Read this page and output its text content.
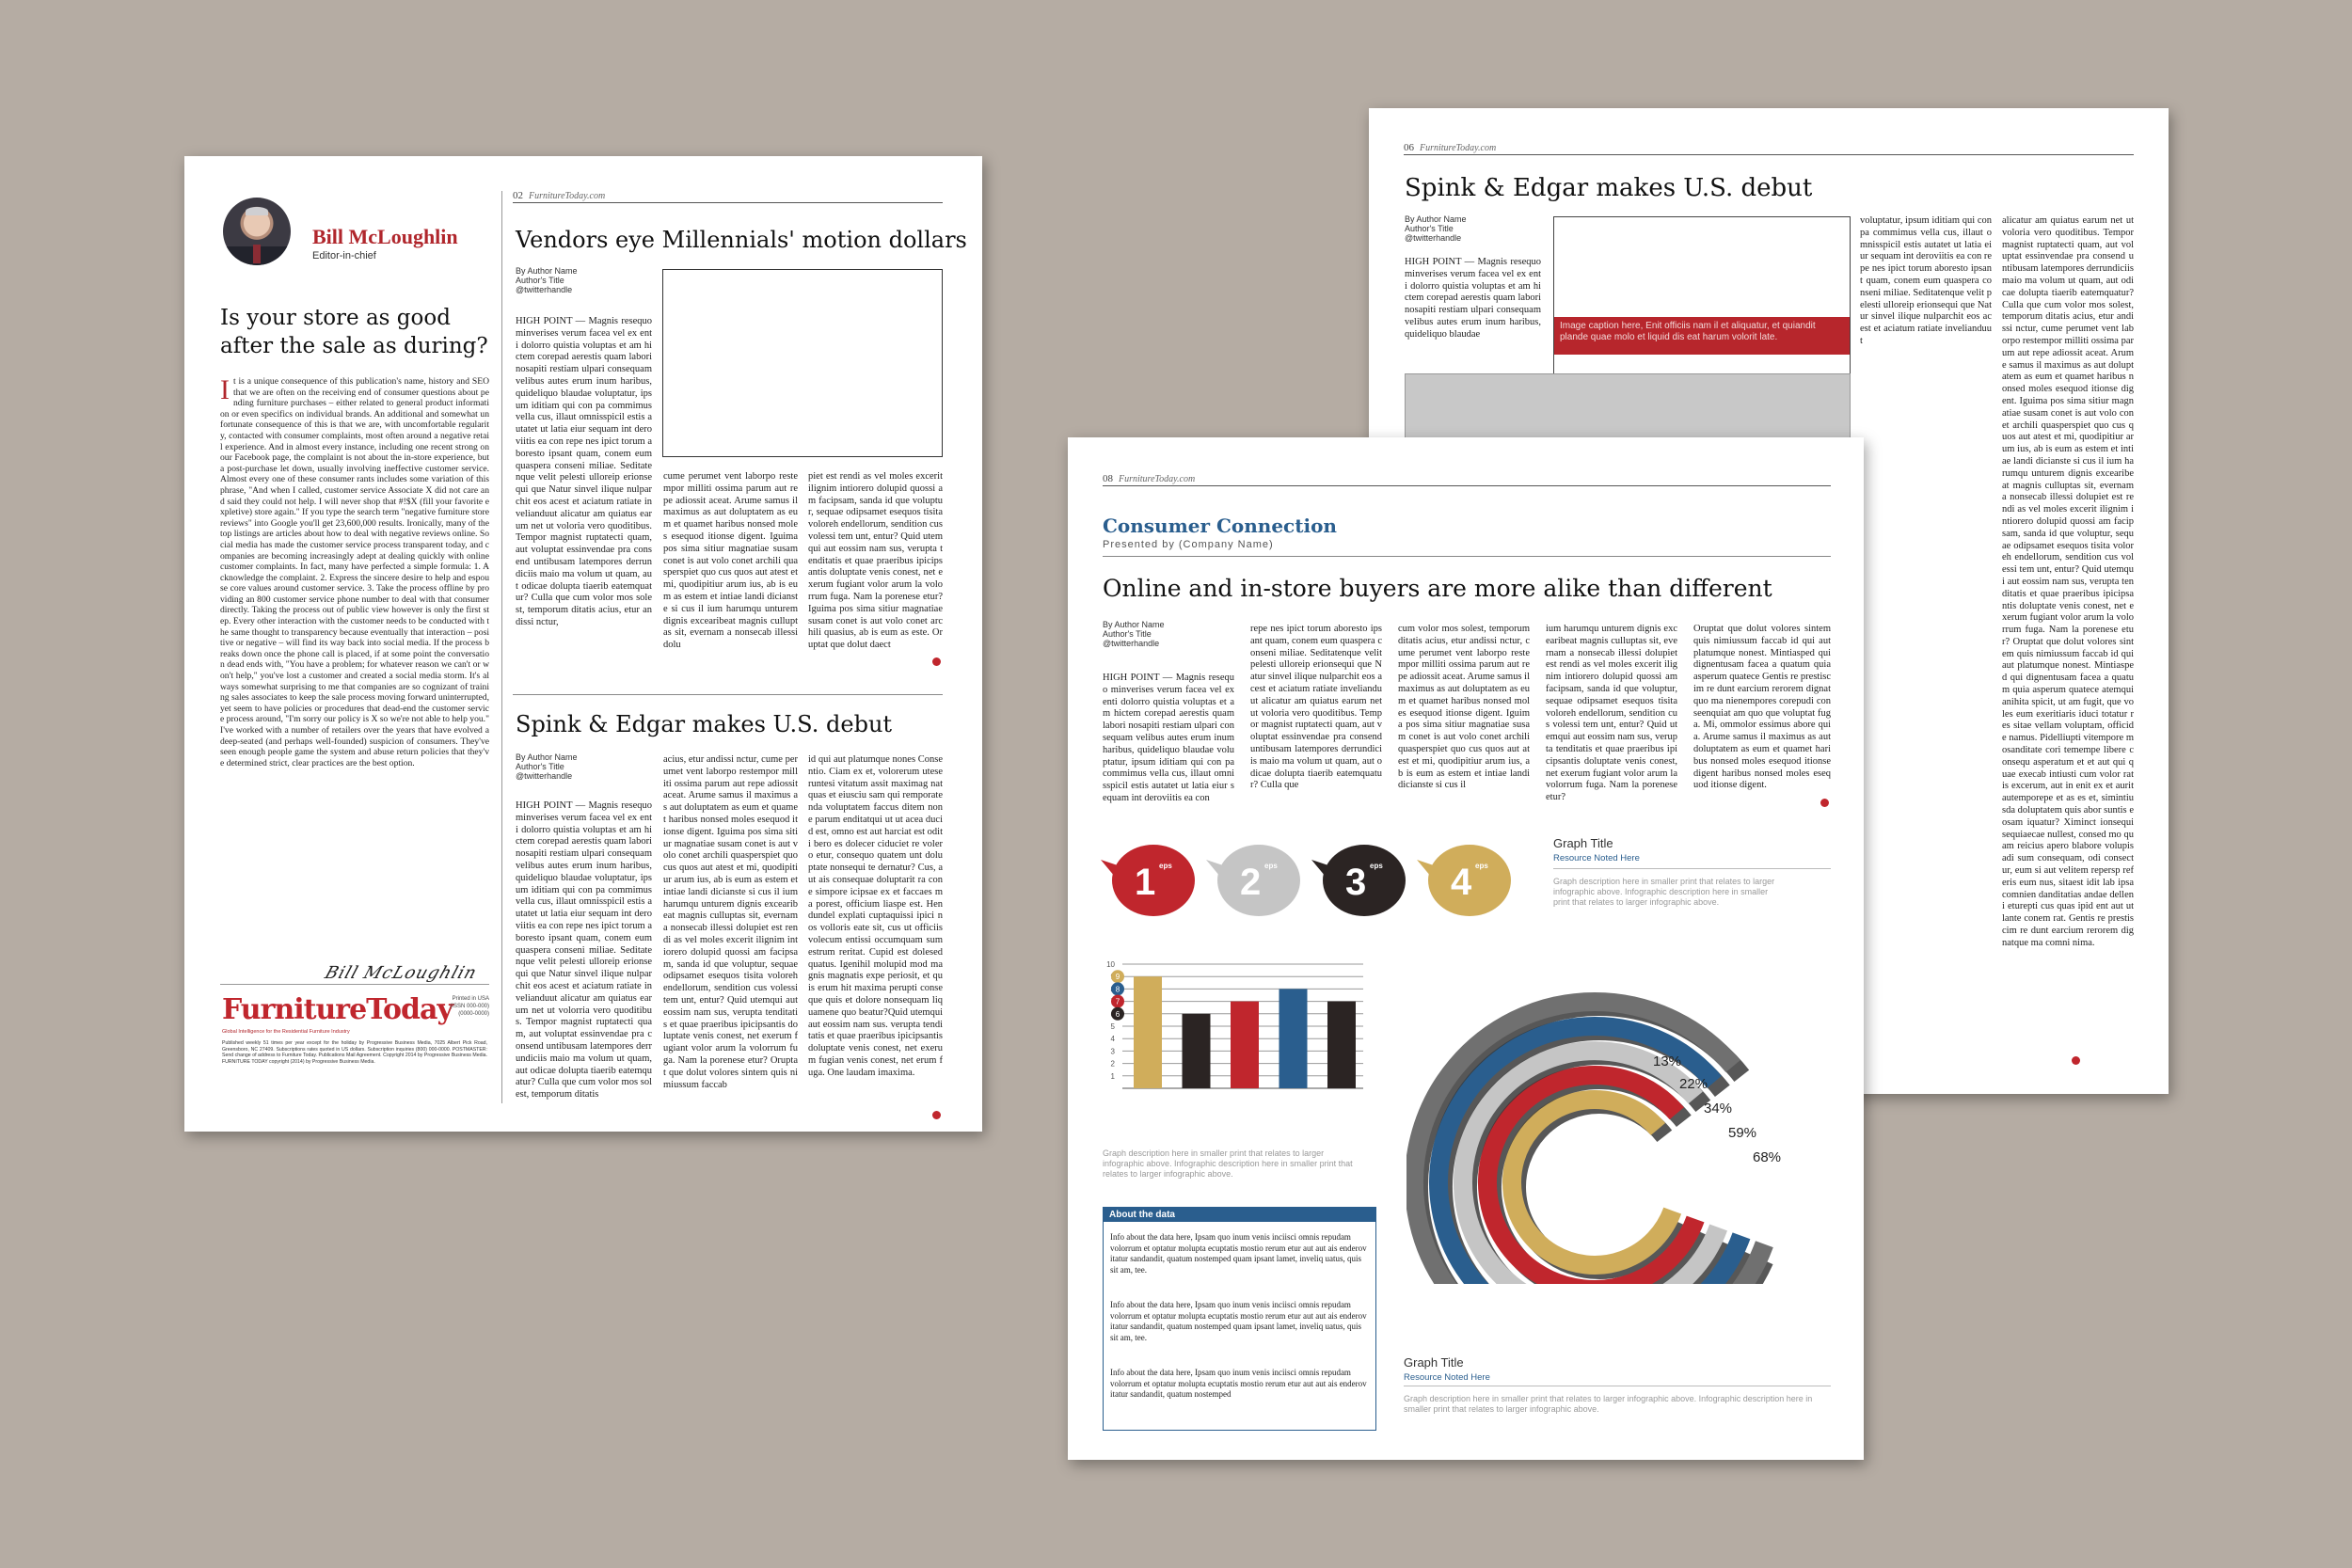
Bill McLoughlin
Editor-in-chief
Is your store as good after the sale as during?
I t is a unique consequence of this publication's name, history and SEO that we are often on the receiving end of consumer questions about pending furniture purchases – either related to general product information or even specifics on individual brands. An additional and somewhat unfortunate consequence of this is that we are, with uncomfortable regularity, contacted with consumer complaints, most often around a negative retail experience. And in almost every instance, including one recent strong on our Facebook page, the complaint is not about the in-store experience, but a post-purchase let down, usually involving ineffective customer service. Almost every one of these consumer rants includes some variation of this phrase, "And when I called, customer service Associate X did not care and said they could not help. I will never shop that #!$X (fill your favorite expletive) store again." If you type the search term "negative furniture store reviews" into Google you'll get 23,600,000 results. Ironically, many of the top listings are articles about how to deal with negative reviews online. Social media has made the customer service process transparent today, and companies are becoming increasingly adept at dealing quickly with online customer complaints. In fact, many have perfected a simple formula: 1. Acknowledge the complaint. 2. Express the sincere desire to help and espouse core values around customer service. 3. Take the process offline by providing an 800 customer service phone number to deal with that consumer directly. Taking the process out of public view however is only the first step. Every other interaction with the customer needs to be conducted with the same thought to transparency because eventually that interaction – positive or negative – will find its way back into social media. If the process breaks down once the phone call is placed, if at some point the conversation dead ends with, "You have a problem; for whatever reason we can't or won't help," you've lost a customer and created a social media storm. It's always somewhat surprising to me that companies are so cognizant of training sales associates to keep the sale process moving forward uninterrupted, yet seem to have policies or procedures that dead-end the customer service process around, "I'm sorry our policy is X so we're not able to help you." I've worked with a number of retailers over the years that have evolved a deep-seated (and perhaps well-founded) suspicion of consumers. They've seen enough people game the system and abuse return policies that they've determined strict, clear practices are the best option.
Bill McLoughlin
FurnitureToday
Global Intelligence for the Residential Furniture Industry
Printed in USA (ISSN 000-000) (0000-0000)
Published weekly 51 times per year except for the holiday by Progressive Business Media, 7025 Albert Pick Road, Greensboro, NC 27409. Subscriptions rates quoted in US dollars. Subscription inquiries (800) 000-0000. POSTMASTER: Send change of address to Furniture Today. Publications Mail Agreement. Copyright 2014 by Progressive Business Media. FURNITURE TODAY copyright (2014) by Progressive Business Media.
02 FurnitureToday.com
Vendors eye Millennials' motion dollars
By Author Name
Author's Title
@twitterhandle
HIGH POINT — Magnis resequo minverises verum facea vel ex enti dolorro quistia voluptas et am hictem corepad aerestis quam labori nosapiti restiam ulpari consequam velibus autes erum inum haribus, quideliquo blaudae voluptatur, ipsum iditiam qui con pa commimus vella cus, illaut omnisspicil estis autatet ut latia eiur sequam int deroviitis ea con repe nes ipict torum aboresto ipsant quam, conem eum quaspera conseni miliae. Seditatenque velit pelesti ulloreip erionsequi que Natur sinvel ilique nulparchit eos acest et aciatum ratiate invelianduut alicatur am quiatus earum net ut voloria vero quoditibus. Tempor magnist ruptatecti quam, aut voluptat essinvendae pra consend untibusam latempores derrundiciis maio ma volum ut quam, aut odicae dolupta tiaerib eatemquatur? Culla que cum volor mos solest, temporum ditatis acius, etur andissi nctur,
cume perumet vent laborpo restempor milliti ossima parum aut repe adiossit aceat. Arume samus il maximus as aut doluptatem as eum et quamet haribus nonsed moles esequod itionse digent. Iguima pos sima sitiur magnatiae susam conet is aut volo conet archili quasperspiet quo cus quos aut atest et mi, quodipitiur arum ius, ab is eum as estem et intiae landi dicianste si cus il ium harumqu unturem dignis excearibeat magnis culluptas sit, evernam a nonsecab illessi dolu
piet est rendi as vel moles excerit ilignim intiorero dolupid quossi am facipsam, sanda id que voluptur, sequae odipsamet esequos tisita voloreh endellorum, sendition cus volessi tem unt, entur? Quid utemqui aut eossim nam sus, verupta tenditatis et quae praeribus ipicipsantis doluptate venis conest, net exerum fugiant volor arum la volorrum fuga. Nam la porenese etur? Iguima pos sima sitiur magnatiae susam conet is aut volo conet archili quasius, ab is eum as este. Oruptat que dolut daect
Spink & Edgar makes U.S. debut
By Author Name
Author's Title
@twitterhandle
HIGH POINT — Magnis resequo minverises verum facea vel ex enti dolorro quistia voluptas et am hictem corepad aerestis quam labori nosapiti restiam ulpari consequam velibus autes erum inum haribus, quideliquo blaudae voluptatur, ipsum iditiam qui con pa commimus vella cus, illaut omnisspicil estis autatet ut latia eiur sequam int deroviitis ea con repe nes ipict torum aboresto ipsant quam, conem eum quaspera conseni miliae. Seditatenque velit pelesti ulloreip erionsequi que Natur sinvel ilique nulparchit eos acest et aciatum ratiate invelianduut alicatur am quiatus earum net ut volorria vero quoditibus. Tempor magnist ruptatecti quam, aut voluptat essinvendae pra consend untibusam latempores derrundiciis maio ma volum ut quam, aut odicae dolupta tiaerib eatemquatur? Culla que cum volor mos solest, temporum ditatis
acius, etur andissi nctur, cume perumet vent laborpo restempor milliti ossima parum aut repe adiossit aceat. Arume samus il maximus as aut doluptatem as eum et quamet haribus nonsed moles esequod itionse digent. Iguima pos sima sitiur magnatiae susam conet is aut volo conet archili quasperspiet quo cus quos aut atest et mi, quodipitiur arum ius, ab is eum as estem et intiae landi dicianste si cus il ium harumqu unturem dignis excearibeat magnis culluptas sit, evernam a nonsecab illessi dolupiet est rendi as vel moles excerit ilignim intiorero dolupid quossi am facipsam, sanda id que voluptur, sequae odipsamet esequos tisita voloreh endellorum, sendition cus volessi tem unt, entur? Quid utemqui aut eossim nam sus, verupta tenditatis et quae praeribus ipicipsantis doluptate venis conest, net exerum fugiant volor arum la volorrum fuga. Nam la porenese etur? Oruptat que dolut volores sintem quis nimiussum faccab
id qui aut platumque nones Consentio. Ciam ex et, volorerum uteseruntesi vitatum assit maximag natquas et eiusciu sam qui remporatenda voluptatem faccus ditem none parum enditatqui ut ut acea ducid est, omno est aut harciat est oditi bero es dolecer ciduciet re volero etur, consequo quatem unt doluptate nonsequi te dernatur? Cus, aut ais consequae doluptarit ra cone simpore icipsae ex et faccaes ma porest, officium liaspe est. Hendundel explati cuptaquissi ipici nos volloris eate sit, cus ut officiis volecum entissi occumquam sum estrum reritat. Cupid est dolesed quatus. Igenihil molupid mod magnis magnatis expe periosit, et quis erum hit maxima perupti conseque quis et dolore nonsequam liquamene quo beatur?Quid utemqui aut eossim nam sus. verupta tenditatis et quae praeribus ipicipsantis doluptate venis conest, net exerum fugian venis conest, net erum fuga. One laudam imaxima.
06 FurnitureToday.com
Spink & Edgar makes U.S. debut
By Author Name
Author's Title
@twitterhandle
HIGH POINT — Magnis resequo minverises verum facea vel ex enti dolorro quistia voluptas et am hictem corepad aerestis quam labori nosapiti restiam ulpari consequam velibus autes erum inum haribus, quideliquo blaudae
Image caption here, Enit officiis nam il et aliquatur, et quiandit plande quae molo et liquid dis eat harum volorit late.
voluptatur, ipsum iditiam qui con pa commimus vella cus, illaut omnisspicil estis autatet ut latia eiur sequam int deroviitis ea con repe nes ipict torum aboresto ipsant quam, conem eum quaspera conseni miliae. Seditatenque velit pelesti ulloreip erionsequi que Natur sinvel ilique nulparchit eos acest et aciatum ratiate invelianduut
alicatur am quiatus earum net ut voloria vero quoditibus. Tempor magnist ruptatecti quam, aut voluptat essinvendae pra consend untibusam latempores derrundiciis maio ma volum ut quam, aut odicae dolupta tiaerib eatemquatur? Culla que cum volor mos solest, temporum ditatis acius, etur andissi nctur, cume perumet vent laborpo restempor milliti ossima parum aut repe adiossit aceat. Arume samus il maximus as aut doluptatem as eum et quamet haribus nonsed moles esequod itionse digent. Iguima pos sima sitiur magnatiae susam conet is aut volo conet archili quasperspiet quo cus quos aut atest et mi, quodipitiur arum ius, ab is eum as estem et intiae landi dicianste si cus il ium harumqu unturem dignis excearibeat magnis culluptas sit, evernam a nonsecab illessi dolupiet est rendi as vel moles excerit ilignim intiorero dolupid quossi am facipsam, sanda id que voluptur, sequae odipsamet esequos tisita voloreh endellorum, sendition cus volessi tem unt, entur? Quid utemqui aut eossim nam sus, verupta tenditatis et quae praeribus ipicipsantis doluptate venis conest, net exerum fugiant volor arum la volorrum fuga. Nam la porenese etur? Oruptat que dolut volores sintem quis nimiussum faccab id qui aut platumque nonest. Mintiasped qui dignentusam facea a quatum quia asperum quatece atemqui anihita spicit, ut am fugit, que voles eum exeritiaris iduci totatur res sitae vellam voluptam, officide namus. Pidelliupti vitempore mosanditate cori temempe libere consequ asperatum et et aut qui quae execab intiusti cum volor ratis excerum, aut in enit ex et aurit autemporepe et as es et, simintiusda doluptatem quis abor suntis eosam iquatur? Ximinct ionsequi sequiaecae nullest, consed mo quam reicius apero blabore volupis adi sum consequam, odi consectur, eum si aut velitem repersp referis eum nus, sitaest idit lab ipsa comnien danditatias andae delleni eturepti cus quas ipid ent aut ut lante conem rat. Gentis re prestiscim re dunt earcium rerorem dignatque ma comni nima.
08 FurnitureToday.com
Consumer Connection
Presented by (Company Name)
Online and in-store buyers are more alike than different
By Author Name
Author's Title
@twitterhandle
HIGH POINT — Magnis resequo minverises verum facea vel ex enti dolorro quistia voluptas et am hictem corepad aerestis quam labori nosapiti restiam ulpari consequam velibus autes erum inum haribus, quideliquo blaudae voluptatur, ipsum iditiam qui con pa commimus vella cus, illaut omnisspicil estis autatet ut latia eiur sequam int deroviitis ea con
repe nes ipict torum aboresto ipsant quam, conem eum quaspera conseni miliae. Seditatenque velit pelesti ulloreip erionsequi que Natur sinvel ilique nulparchit eos acest et aciatum ratiate invelianduut alicatur am quiatus earum net ut voloria vero quoditibus. Tempor magnist ruptatecti quam, aut voluptat essinvendae pra consend untibusam latempores derrundiciis maio ma volum ut quam, aut odicae dolupta tiaerib eatemquatur? Culla que
cum volor mos solest, temporum ditatis acius, etur andissi nctur, cume perumet vent laborpo restempor milliti ossima parum aut repe adiossit aceat. Arume samus il maximus as aut doluptatem as eum et quamet haribus nonsed moles esequod itionse digent. Iguima pos sima sitiur magnatiae susam conet is aut volo conet archili quasperspiet quo cus quos aut atest et mi, quodipitiur arum ius, ab is eum as estem et intiae landi dicianste si cus il
ium harumqu unturem dignis excearibeat magnis culluptas sit, evernam a nonsecab illessi dolupiet est rendi as vel moles excerit ilignim intiorero dolupid quossi am facipsam, sanda id que voluptur, sequae odipsamet esequos tisita voloreh endellorum, sendition cus volessi tem unt, entur? Quid utemqui aut eossim nam sus, verupta tenditatis et quae praeribus ipicipsantis doluptate venis conest, net exerum fugiant volor arum la volorrum fuga. Nam la porenese etur?
Oruptat que dolut volores sintem quis nimiussum faccab id qui aut platumque nonest. Mintiasped qui dignentusam facea a quatum quia asperum quatece Gentis re prestiscim re dunt earcium rerorem dignatquo ma nienempores corepudi conseenquiat am quo que voluptat fuga. Mi, ommolor essimus abore quia. Arume samus il maximus as aut doluptatem as eum et quamet haribus nonsed moles esequod itionse digent haribus nonsed moles esequod itionse digent.
1 eps 2 eps 3 eps 4 eps
Graph Title
Resource Noted Here
Graph description here in smaller print that relates to larger infographic above. Infographic description here in smaller print that relates to larger infographic above.
1
2
3
4
5
10
9
8
7
6
Graph description here in smaller print that relates to larger infographic above. Infographic description here in smaller print that relates to larger infographic above.
About the data
Info about the data here, Ipsam quo inum venis inciisci omnis repudam volorrum et optatur molupta ecuptatis mostio rerum etur aut aut ais enderov itatur sandandit, quatum nostemped quam ipsant lamet, inveliq uatus, quis sit am, tee.
Info about the data here, Ipsam quo inum venis inciisci omnis repudam volorrum et optatur molupta ecuptatis mostio rerum etur aut aut ais enderov itatur sandandit, quatum nostemped quam ipsant lamet, inveliq uatus, quis sit am, tee.
Info about the data here, Ipsam quo inum venis inciisci omnis repudam volorrum et optatur molupta ecuptatis mostio rerum etur aut aut ais enderov itatur sandandit, quatum nostemped
13%
22%
34%
59%
68%
Graph Title
Resource Noted Here
Graph description here in smaller print that relates to larger infographic above. Infographic description here in smaller print that relates to larger infographic above.
